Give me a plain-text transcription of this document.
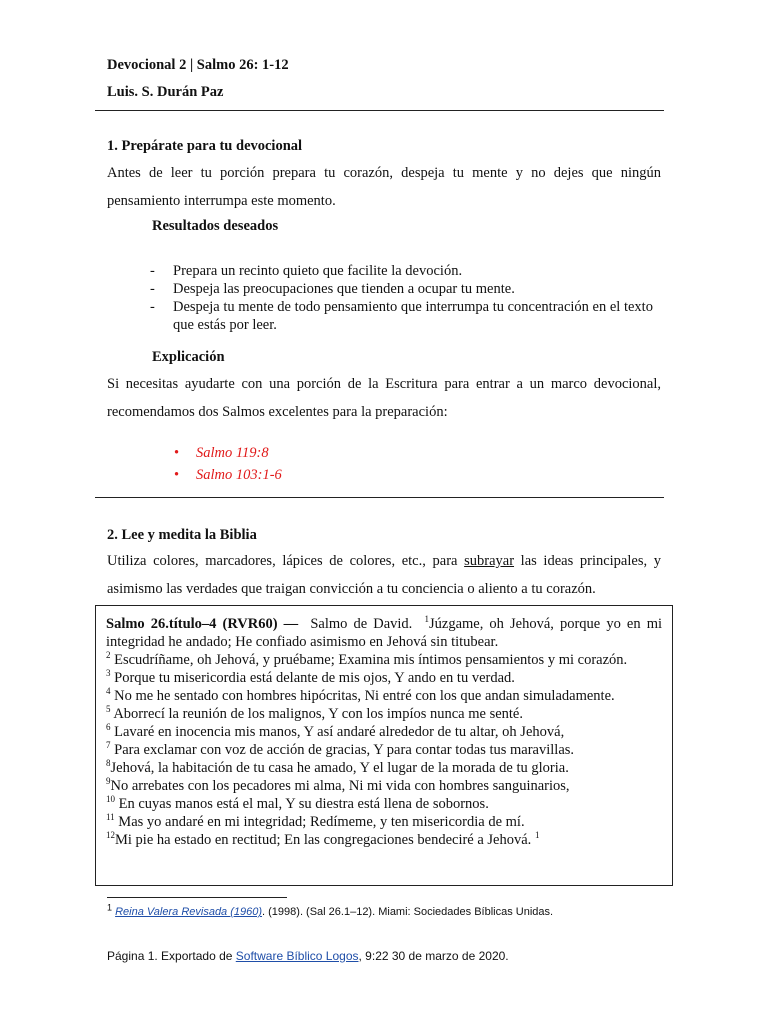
Devocional 2 | Salmo 26: 1-12
Luis. S. Durán Paz
1. Prepárate para tu devocional
Antes de leer tu porción prepara tu corazón, despeja tu mente y no dejes que ningún pensamiento interrumpa este momento.
Resultados deseados
- Prepara un recinto quieto que facilite la devoción.
- Despeja las preocupaciones que tienden a ocupar tu mente.
- Despeja tu mente de todo pensamiento que interrumpa tu concentración en el texto que estás por leer.
Explicación
Si necesitas ayudarte con una porción de la Escritura para entrar a un marco devocional, recomendamos dos Salmos excelentes para la preparación:
• Salmo 119:8
• Salmo 103:1-6
2. Lee y medita la Biblia
Utiliza colores, marcadores, lápices de colores, etc., para subrayar las ideas principales, y asimismo las verdades que traigan convicción a tu conciencia o aliento a tu corazón.
Salmo 26.título–4 (RVR60) — Salmo de David. $^1$Júzgame, oh Jehová, porque yo en mi
integridad he andado; He confiado asimismo en Jehová sin titubear.
$^2$ Escudríñame, oh Jehová, y pruébame; Examina mis íntimos pensamientos y mi corazón.
$^3$ Porque tu misericordia está delante de mis ojos, Y ando en tu verdad.
$^4$ No me he sentado con hombres hipócritas, Ni entré con los que andan simuladamente.
$^5$ Aborrecí la reunión de los malignos, Y con los impíos nunca me senté.
$^6$ Lavaré en inocencia mis manos, Y así andaré alrededor de tu altar, oh Jehová,
$^7$ Para exclamar con voz de acción de gracias, Y para contar todas tus maravillas.
$^8$Jehová, la habitación de tu casa he amado, Y el lugar de la morada de tu gloria.
$^9$No arrebates con los pecadores mi alma, Ni mi vida con hombres sanguinarios,
$^{10}$ En cuyas manos está el mal, Y su diestra está llena de sobornos.
$^{11}$ Mas yo andaré en mi integridad; Redímeme, y ten misericordia de mí.
$^{12}$Mi pie ha estado en rectitud; En las congregaciones bendeciré a Jehová. $^1$
$^1$ Reina Valera Revisada (1960). (1998). (Sal 26.1–12). Miami: Sociedades Bíblicas Unidas.
Página 1. Exportado de Software Bíblico Logos, 9:22 30 de marzo de 2020.
